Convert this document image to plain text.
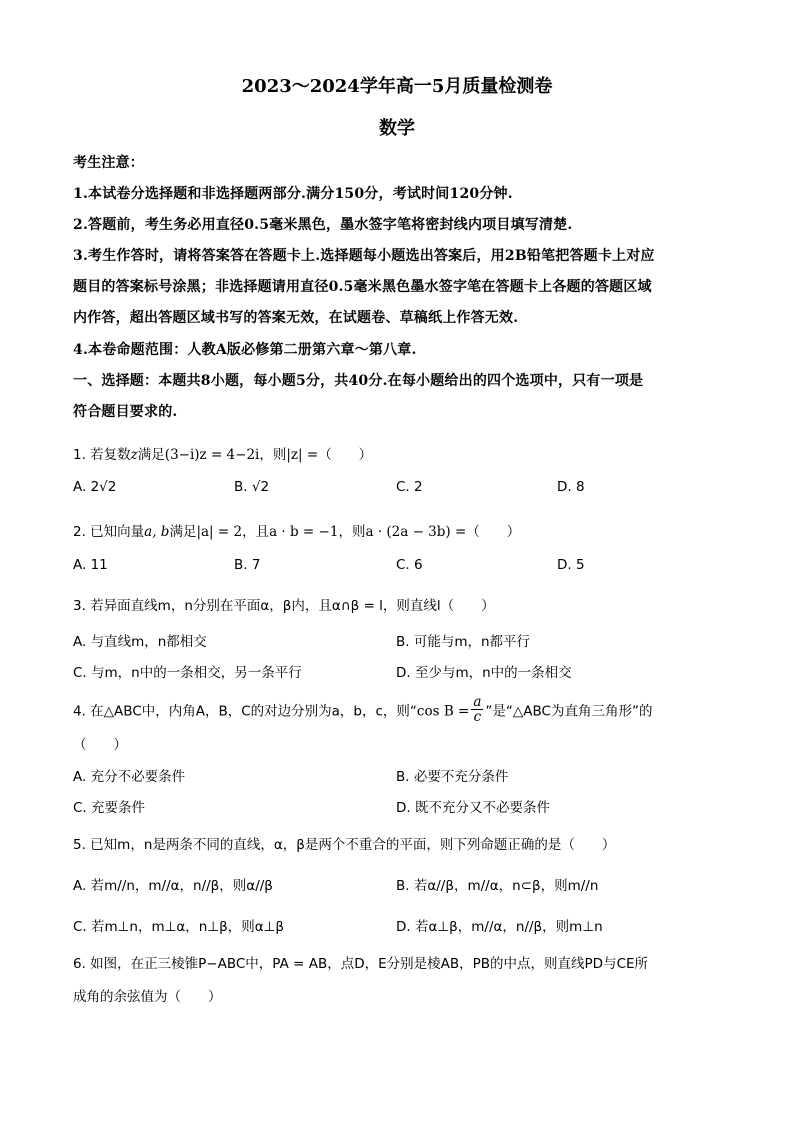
2023～2024学年高一5月质量检测卷
数学
考生注意：
1.本试卷分选择题和非选择题两部分.满分150分，考试时间120分钟.
2.答题前，考生务必用直径0.5毫米黑色，墨水签字笔将密封线内项目填写清楚.
3.考生作答时，请将答案答在答题卡上.选择题每小题选出答案后，用2B铅笔把答题卡上对应
题目的答案标号涂黑；非选择题请用直径0.5毫米黑色墨水签字笔在答题卡上各题的答题区域
内作答，超出答题区域书写的答案无效，在试题卷、草稿纸上作答无效.
4.本卷命题范围：人教A版必修第二册第六章～第八章.
一、选择题：本题共8小题，每小题5分，共40分.在每小题给出的四个选项中，只有一项是
符合题目要求的.
1. 若复数z满足(3−i)z = 4−2i，则|z| =（　　）
A. 2√2	B. √2	C. 2	D. 8
2. 已知向量a, b满足|a| = 2，且a · b = −1，则a · (2a − 3b) =（　　）
A. 11	B. 7	C. 6	D. 5
3. 若异面直线m，n分别在平面α，β内，且α∩β = l，则直线l（　　）
A. 与直线m，n都相交	B. 可能与m，n都平行
C. 与m，n中的一条相交，另一条平行	D. 至少与m，n中的一条相交
4. 在△ABC中，内角A，B，C的对边分别为a，b，c，则“cos $B = \frac{a}{c}$ ”是“△ABC为直角三角形”的
（　　）
A. 充分不必要条件	B. 必要不充分条件
C. 充要条件	D. 既不充分又不必要条件
5. 已知m，n是两条不同的直线，α，β是两个不重合的平面，则下列命题正确的是（　　）
A. 若m//n，m//α，n//β，则α//β	B. 若α//β，m//α，n⊂β，则m//n
C. 若m⊥n，m⊥α，n⊥β，则α⊥β	D. 若α⊥β，m//α，n//β，则m⊥n
6. 如图，在正三棱锥P−ABC中，PA = AB，点D，E分别是棱AB，PB的中点，则直线PD与CE所
成角的余弦值为（　　）
